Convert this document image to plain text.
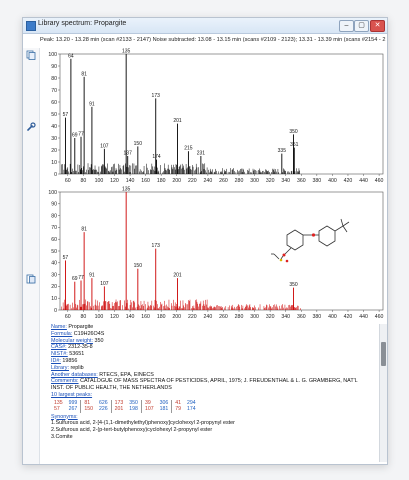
Library spectrum: Propargite	–	▢	✕
Peak: 13.20 - 13.28 min (scan #2133 - 2147) Noise subtracted: 13.08 - 13.15 min (scans #2109 - 2123); 13.31 - 13.39 min (scans #2154 - 2
0
10
20
30
40
50
60
70
80
90
100
60 80 100 120 140 160 180 200 220 240 260 280 300 320 340 360 380 400 420 440 460
57
64
69 77
81
91
107
135
137
150
173
174
201
215
231	335
350
351
0
10
20
30
40
50
60
70
80
90
100
60 80 100 120 140 160 180 200 220 240 260 280 300 320 340 360 380 400 420 440 460
57
69 77
81
91
107
135
150
173
201
350
Name: Propargite
Formula: C19H26O4S
Molecular weight: 350
CAS#: 2312-35-8
NIST#: 53651
ID#: 19856
Library: replib
Another databases: RTECS, EPA, EINECS
Comments: CATALOGUE OF MASS SPECTRA OF PESTICIDES, APRIL, 1975; J. FREUDENTHAL & L. G. GRAMBERG, NAT'L INST. OF PUBLIC HEALTH, THE NETHERLANDS
10 largest peaks:
135	999	81	626	173	350	39	306	41	294
57	267	150	226	201	198	107	181	79	174
Synonyms:
1.Sulfurous acid, 2-[4-(1,1-dimethylethyl)phenoxy]cyclohexyl 2-propynyl ester
2.Sulfurous acid, 2-(p-tert-butylphenoxy)cyclohexyl 2-propynyl ester
3.Comite
